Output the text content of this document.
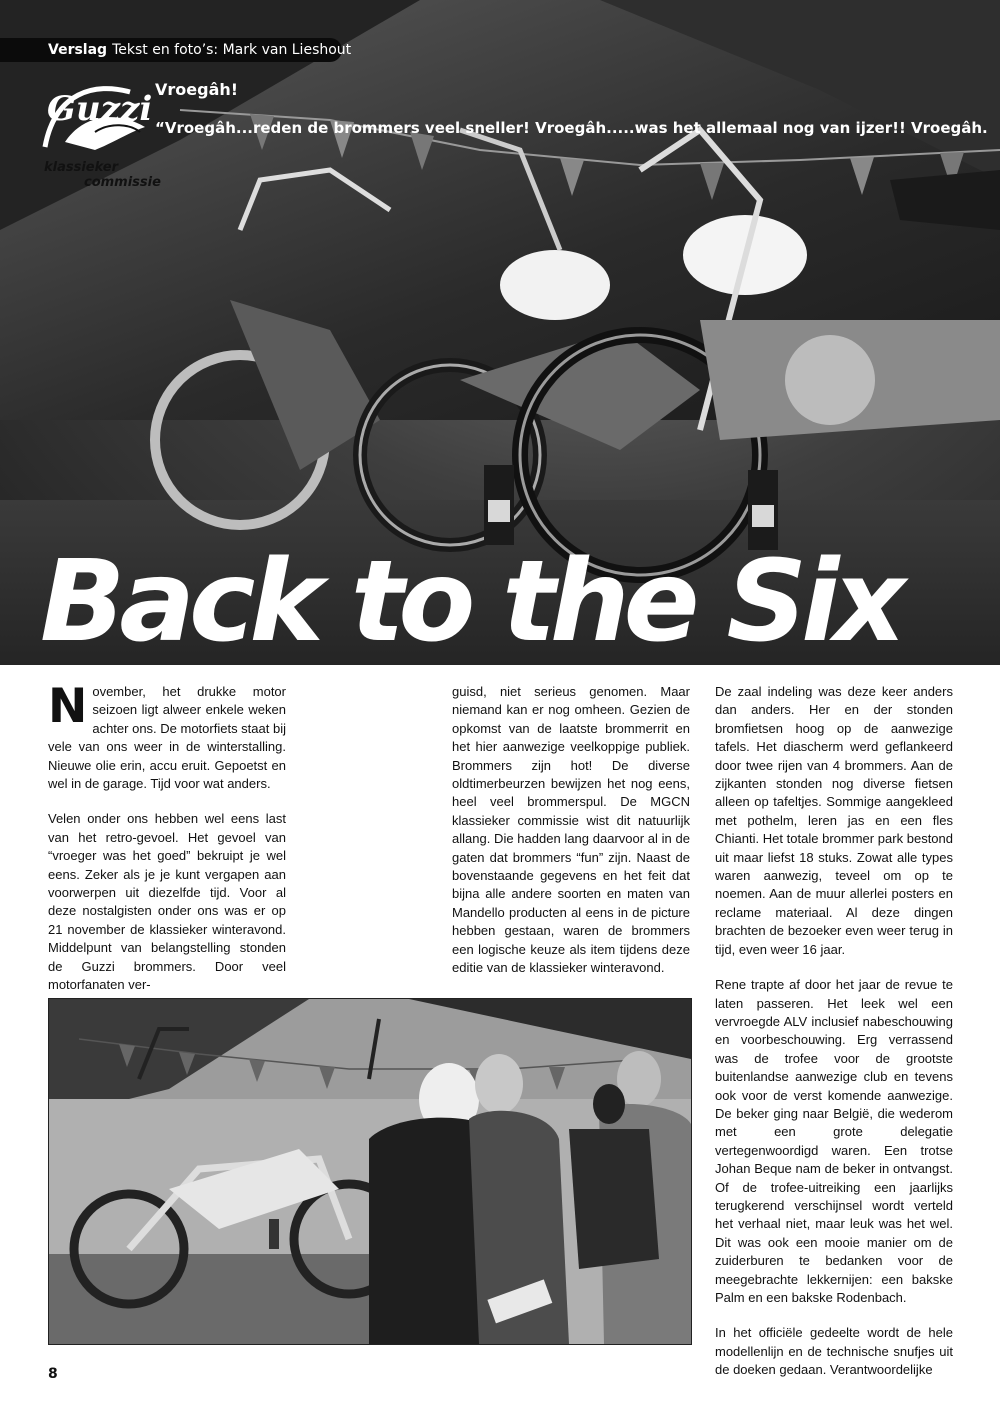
Verslag Tekst en foto’s: Mark van Lieshout
Guzzi
klassieker
commissie
Vroegâh!
“Vroegâh...reden de brommers veel sneller! Vroegâh.....was het allemaal nog van ijzer!! Vroegâh.
Back to the Six

November, het drukke motor seizoen ligt alweer enkele weken achter ons. De motorfiets staat bij vele van ons weer in de winterstalling. Nieuwe olie erin, accu eruit. Gepoetst en wel in de garage. Tijd voor wat anders.

Velen onder ons hebben wel eens last van het retro-gevoel. Het gevoel van “vroeger was het goed” bekruipt je wel eens. Zeker als je je kunt vergapen aan voorwerpen uit diezelfde tijd. Voor al deze nostalgisten onder ons was er op 21 november de klassieker winteravond. Middelpunt van belangstelling stonden de Guzzi brommers. Door veel motorfanaten ver-

guisd, niet serieus genomen. Maar niemand kan er nog omheen. Gezien de opkomst van de laatste brommerrit en het hier aanwezige veelkoppige publiek. Brommers zijn hot! De diverse oldtimerbeurzen bewijzen het nog eens, heel veel brommerspul. De MGCN klassieker commissie wist dit natuurlijk allang. Die hadden lang daarvoor al in de gaten dat brommers “fun” zijn. Naast de bovenstaande gegevens en het feit dat bijna alle andere soorten en maten van Mandello producten al eens in de picture hebben gestaan, waren de brommers een logische keuze als item tijdens deze editie van de klassieker winteravond.

De zaal indeling was deze keer anders dan anders. Her en der stonden bromfietsen hoog op de aanwezige tafels. Het diascherm werd geflankeerd door twee rijen van 4 brommers. Aan de zijkanten stonden nog diverse fietsen alleen op tafeltjes. Sommige aangekleed met pothelm, leren jas en een fles Chianti. Het totale brommer park bestond uit maar liefst 18 stuks. Zowat alle types waren aanwezig, teveel om op te noemen. Aan de muur allerlei posters en reclame materiaal. Al deze dingen brachten de bezoeker even weer terug in tijd, even weer 16 jaar.

Rene trapte af door het jaar de revue te laten passeren. Het leek wel een vervroegde ALV inclusief nabeschouwing en voorbeschouwing. Erg verrassend was de trofee voor de grootste buitenlandse aanwezige club en tevens ook voor de verst komende aanwezige. De beker ging naar België, die wederom met een grote delegatie vertegenwoordigd waren. Een trotse Johan Beque nam de beker in ontvangst. Of de trofee-uitreiking een jaarlijks terugkerend verschijnsel wordt verteld het verhaal niet, maar leuk was het wel. Dit was ook een mooie manier om de zuiderburen te bedanken voor de meegebrachte lekkernijen: een bakske Palm en een bakske Rodenbach.

In het officiële gedeelte wordt de hele modellenlijn en de technische snufjes uit de doeken gedaan. Verantwoordelijke

8
